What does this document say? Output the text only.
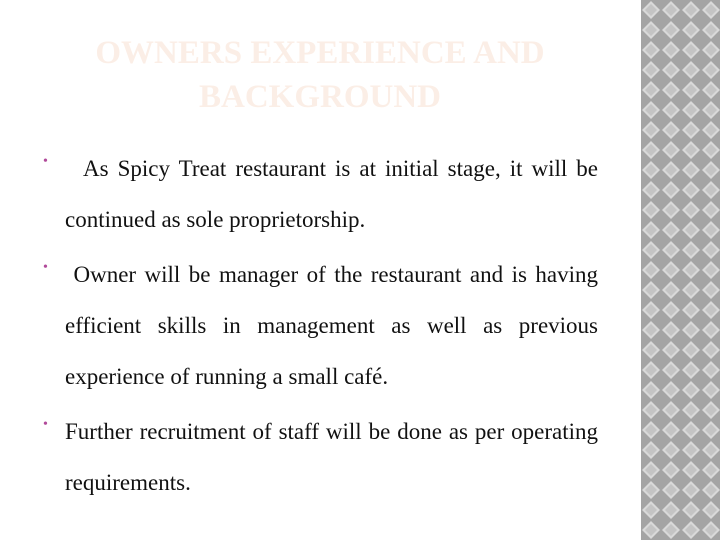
OWNERS EXPERIENCE AND BACKGROUND
• As Spicy Treat restaurant is at initial stage, it will be continued as sole proprietorship.
• Owner will be manager of the restaurant and is having  efficient skills in management as well as previous experience of running a small café.
• Further recruitment of staff will be done as per operating requirements.
